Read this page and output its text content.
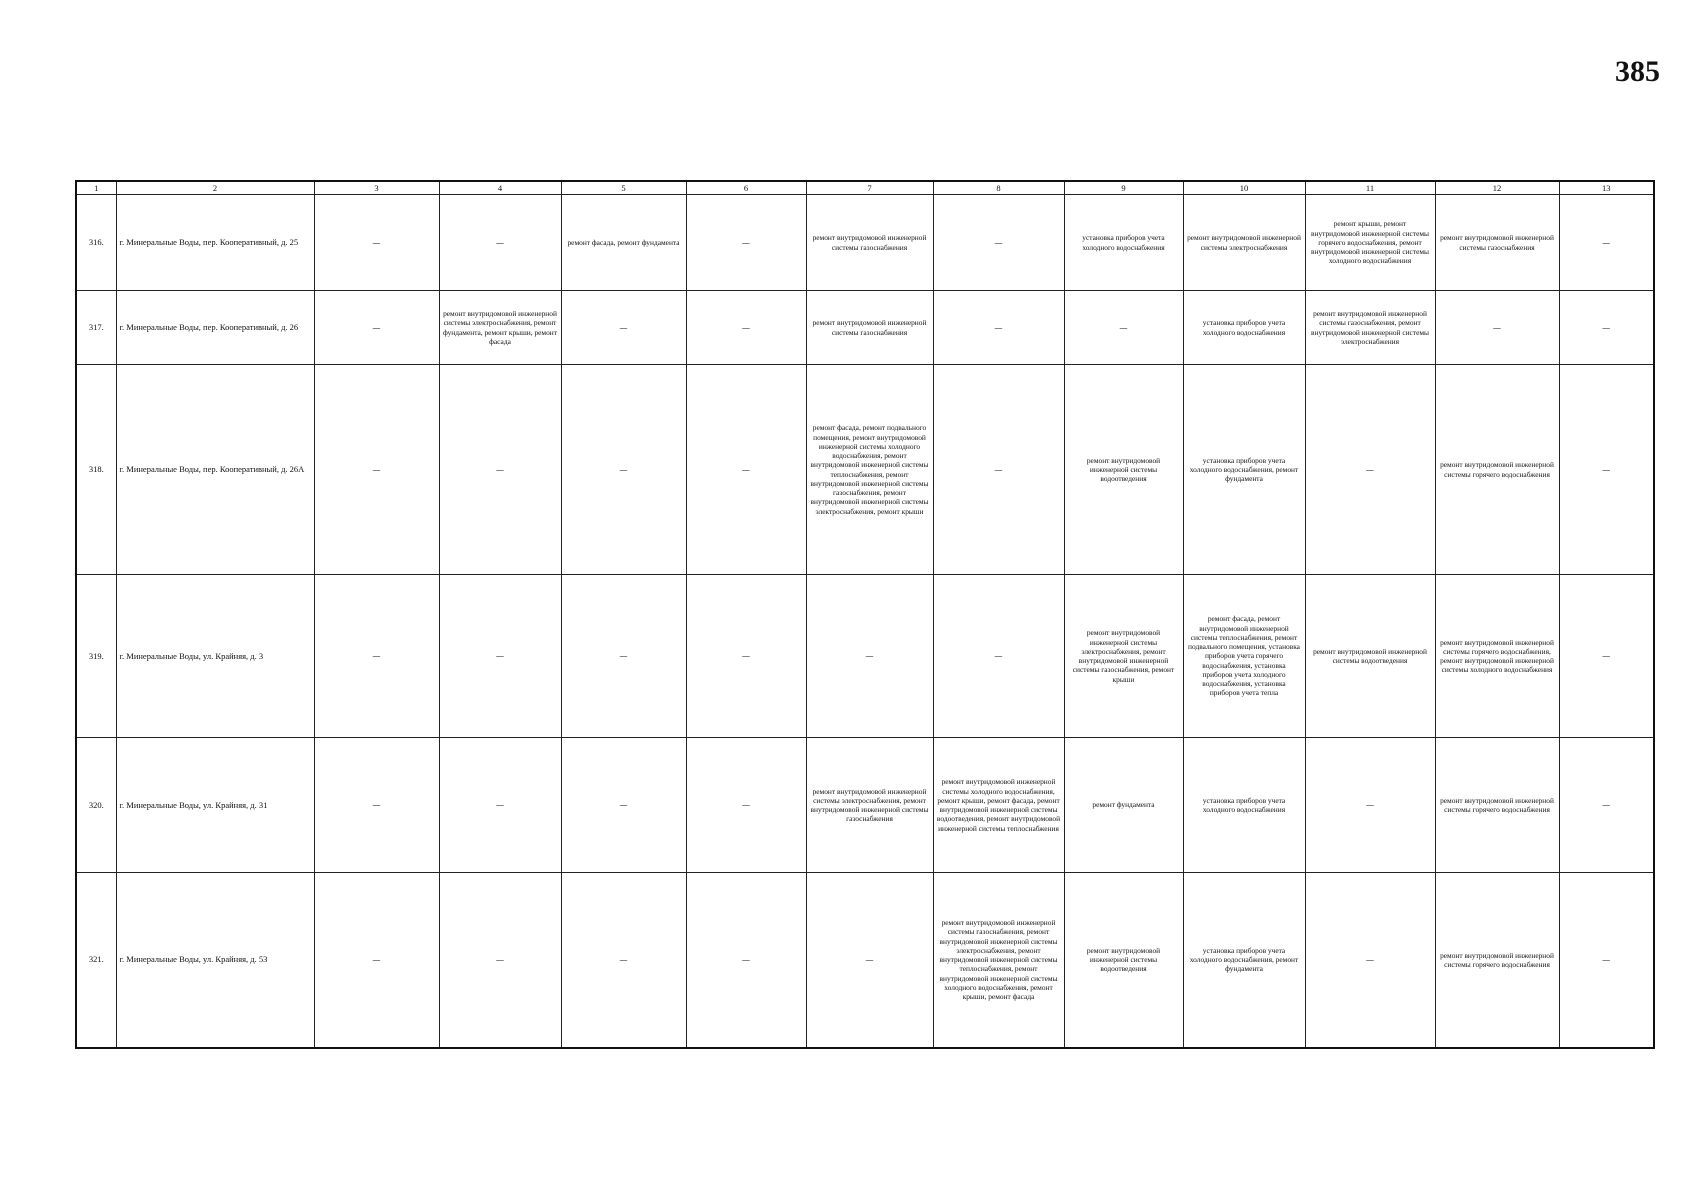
385
1	2	3	4	5	6	7	8	9	10	11	12	13
316.	г. Минеральные Воды, пер. Кооперативный, д. 25	—	—	ремонт фасада, ремонт фундамента	—	ремонт внутридомовой инженерной системы газоснабжения	—	установка приборов учета холодного водоснабжения	ремонт внутридомовой инженерной системы электроснабжения	ремонт крыши, ремонт внутридомовой инженерной системы горячего водоснабжения, ремонт внутридомовой инженерной системы холодного водоснабжения	ремонт внутридомовой инженерной системы газоснабжения	—
317.	г. Минеральные Воды, пер. Кооперативный, д. 26	—	ремонт внутридомовой инженерной системы электроснабжения, ремонт фундамента, ремонт крыши, ремонт фасада	—	—	ремонт внутридомовой инженерной системы газоснабжения	—	—	установка приборов учета холодного водоснабжения	ремонт внутридомовой инженерной системы газоснабжения, ремонт внутридомовой инженерной системы электроснабжения	—	—
318.	г. Минеральные Воды, пер. Кооперативный, д. 26А	—	—	—	—	ремонт фасада, ремонт подвального помещения, ремонт внутридомовой инженерной системы холодного водоснабжения, ремонт внутридомовой инженерной системы теплоснабжения, ремонт внутридомовой инженерной системы газоснабжения, ремонт внутридомовой инженерной системы электроснабжения, ремонт крыши	—	ремонт внутридомовой инженерной системы водоотведения	установка приборов учета холодного водоснабжения, ремонт фундамента	—	ремонт внутридомовой инженерной системы горячего водоснабжения	—
319.	г. Минеральные Воды, ул. Крайняя, д. 3	—	—	—	—	—	—	ремонт внутридомовой инженерной системы электроснабжения, ремонт внутридомовой инженерной системы газоснабжения, ремонт крыши	ремонт фасада, ремонт внутридомовой инженерной системы теплоснабжения, ремонт подвального помещения, установка приборов учета горячего водоснабжения, установка приборов учета холодного водоснабжения, установка приборов учета тепла	ремонт внутридомовой инженерной системы водоотведения	ремонт внутридомовой инженерной системы горячего водоснабжения, ремонт внутридомовой инженерной системы холодного водоснабжения	—
320.	г. Минеральные Воды, ул. Крайняя, д. 31	—	—	—	—	ремонт внутридомовой инженерной системы электроснабжения, ремонт внутридомовой инженерной системы газоснабжения	ремонт внутридомовой инженерной системы холодного водоснабжения, ремонт крыши, ремонт фасада, ремонт внутридомовой инженерной системы водоотведения, ремонт внутридомовой инженерной системы теплоснабжения	ремонт фундамента	установка приборов учета холодного водоснабжения	—	ремонт внутридомовой инженерной системы горячего водоснабжения	—
321.	г. Минеральные Воды, ул. Крайняя, д. 53	—	—	—	—	—	ремонт внутридомовой инженерной системы газоснабжения, ремонт внутридомовой инженерной системы электроснабжения, ремонт внутридомовой инженерной системы теплоснабжения, ремонт внутридомовой инженерной системы холодного водоснабжения, ремонт крыши, ремонт фасада	ремонт внутридомовой инженерной системы водоотведения	установка приборов учета холодного водоснабжения, ремонт фундамента	—	ремонт внутридомовой инженерной системы горячего водоснабжения	—
